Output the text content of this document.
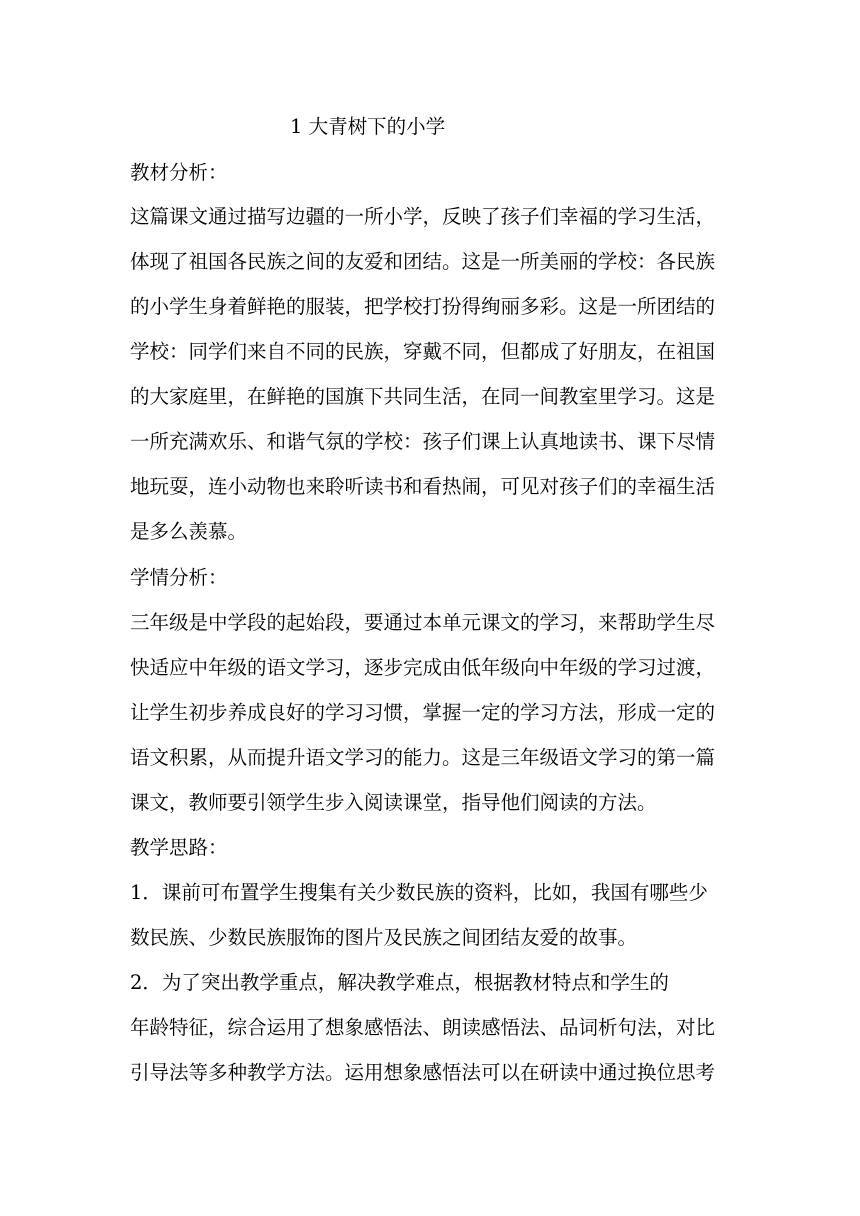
1 大青树下的小学
教材分析：
这篇课文通过描写边疆的一所小学，反映了孩子们幸福的学习生活，
体现了祖国各民族之间的友爱和团结。这是一所美丽的学校：各民族
的小学生身着鲜艳的服装，把学校打扮得绚丽多彩。这是一所团结的
学校：同学们来自不同的民族，穿戴不同，但都成了好朋友，在祖国
的大家庭里，在鲜艳的国旗下共同生活，在同一间教室里学习。这是
一所充满欢乐、和谐气氛的学校：孩子们课上认真地读书、课下尽情
地玩耍，连小动物也来聆听读书和看热闹，可见对孩子们的幸福生活
是多么羡慕。
学情分析：
三年级是中学段的起始段，要通过本单元课文的学习，来帮助学生尽
快适应中年级的语文学习，逐步完成由低年级向中年级的学习过渡，
让学生初步养成良好的学习习惯，掌握一定的学习方法，形成一定的
语文积累，从而提升语文学习的能力。这是三年级语文学习的第一篇
课文，教师要引领学生步入阅读课堂，指导他们阅读的方法。
教学思路：
1．课前可布置学生搜集有关少数民族的资料，比如，我国有哪些少
数民族、少数民族服饰的图片及民族之间团结友爱的故事。
2．为了突出教学重点，解决教学难点，根据教材特点和学生的
年龄特征，综合运用了想象感悟法、朗读感悟法、品词析句法，对比
引导法等多种教学方法。运用想象感悟法可以在研读中通过换位思考
